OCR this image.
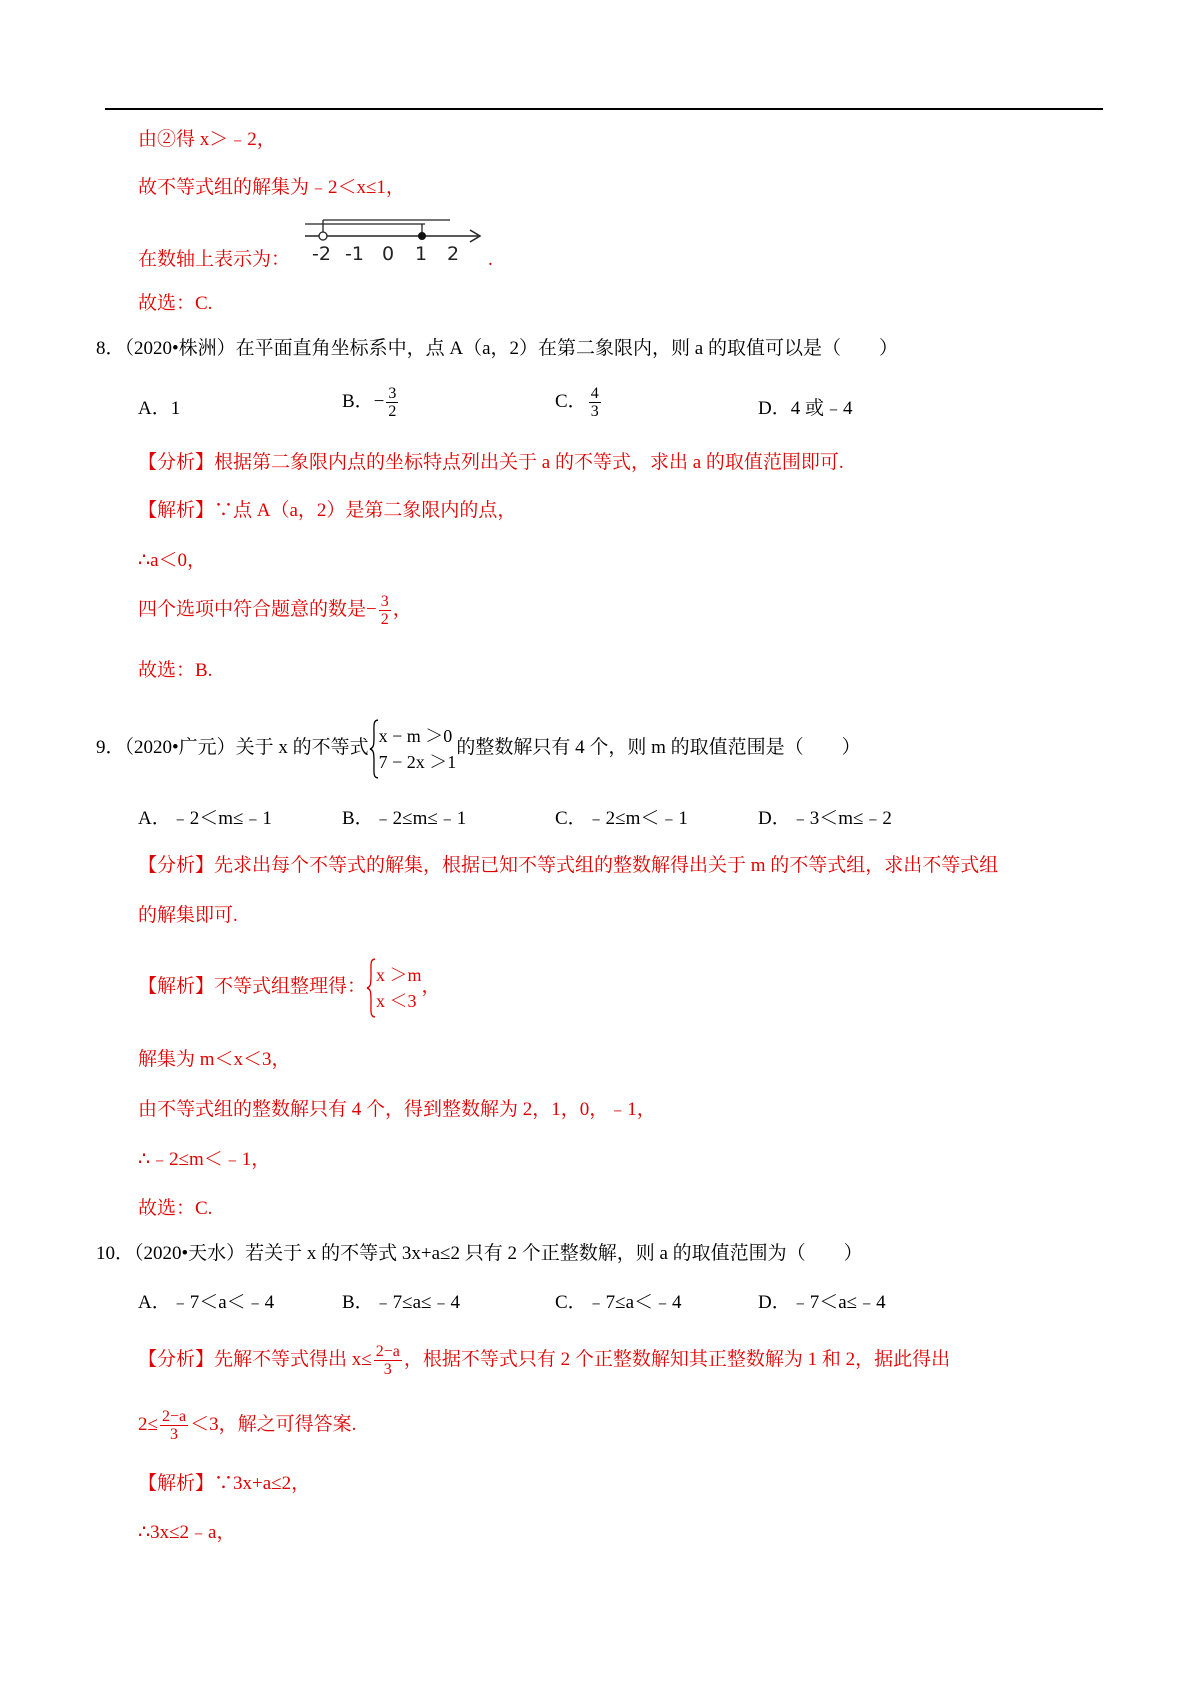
由②得 x＞﹣2，
故不等式组的解集为﹣2＜x≤1，
在数轴上表示为： -2 -1 0 1 2 .
故选：C.
8．（2020•株洲）在平面直角坐标系中，点 A（a，2）在第二象限内，则 a 的取值可以是（　　）
A．1	B．− $\frac{3}{2}$	C． $\frac{4}{3}$	D．4 或﹣4
【分析】根据第二象限内点的坐标特点列出关于 a 的不等式，求出 a 的取值范围即可.
【解析】∵点 A（a，2）是第二象限内的点，
∴a＜0，
四个选项中符合题意的数是− $\frac{3}{2}$ ，
故选：B.
9．（2020•广元）关于 x 的不等式
x − m ＞0
7 − 2x ＞1
的整数解只有 4 个，则 m 的取值范围是（　　）
A．﹣2＜m≤﹣1	B．﹣2≤m≤﹣1	C．﹣2≤m＜﹣1	D．﹣3＜m≤﹣2
【分析】先求出每个不等式的解集，根据已知不等式组的整数解得出关于 m 的不等式组，求出不等式组
的解集即可.
【解析】不等式组整理得：
x ＞m
x ＜3
，
解集为 m＜x＜3，
由不等式组的整数解只有 4 个，得到整数解为 2，1，0，﹣1，
∴﹣2≤m＜﹣1，
故选：C.
10．（2020•天水）若关于 x 的不等式 3x+a≤2 只有 2 个正整数解，则 a 的取值范围为（　　）
A．﹣7＜a＜﹣4	B．﹣7≤a≤﹣4	C．﹣7≤a＜﹣4	D．﹣7＜a≤﹣4
【分析】先解不等式得出 $x\le \frac{2-a}{3}$ ，根据不等式只有 2 个正整数解知其正整数解为 1 和 2，据此得出
$2\le \frac{2-a}{3} <3$，解之可得答案.
【解析】∵3x+a≤2，
∴3x≤2﹣a，
